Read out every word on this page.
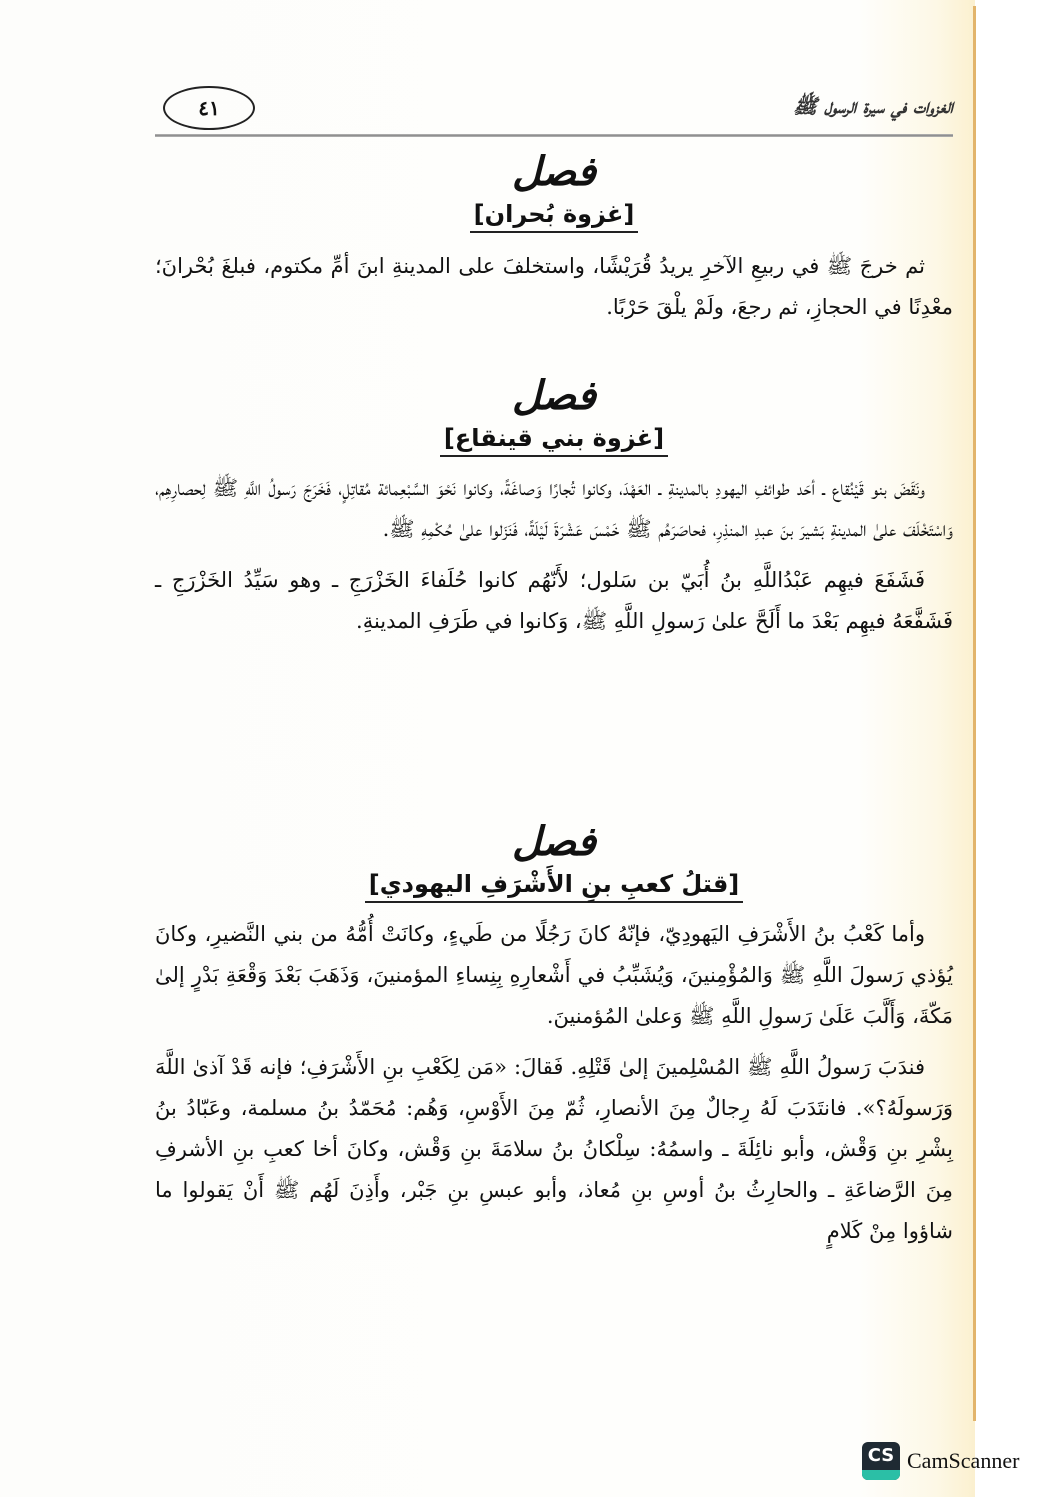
٤١	الغزوات في سيرة الرسول ﷺ
فصل
[غزوة بُحران]
ثم خرجَ ﷺ في ربيعِ الآخرِ يريدُ قُرَيْشًا، واستخلفَ على المدينةِ ابنَ أمِّ مكتوم، فبلغَ بُحْرانَ؛ معْدِنًا في الحجازِ، ثم رجعَ، ولَمْ يلْقَ حَرْبًا.
فصل
[غزوة بني قينقاع]
ونَقَضَ بنو قَيْنُقاع ـ أحَد طوائفِ اليهودِ بالمدينةِ ـ العَهْدَ، وكانوا تُجارًا وَصاغَةً، وكانوا نَحْوَ السَّبْعِمائة مُقاتِلٍ، فَخَرَجَ رَسولُ اللَّهِ ﷺ لِحصارِهِم، وَاسْتَخْلَفَ علىٰ المدينةِ بَشيرَ بنَ عبدِ المنذِرِ، فحاصَرَهُم ﷺ خَمْسَ عَشْرَةَ لَيْلَةً، فَنَزَلوا علىٰ حُكْمِهِ ﷺ.
فَشَفَعَ فيهِم عَبْدُاللَّهِ بنُ أُبَيّ بن سَلول؛ لأَنّهُم كانوا حُلَفاءَ الخَزْرَجِ ـ وهو سَيِّدُ الخَزْرَجِ ـ فَشَفَّعَهُ فيهِم بَعْدَ ما أَلَحَّ علىٰ رَسولِ اللَّهِ ﷺ، وَكانوا في طَرَفِ المدينةِ.
فصل
[قتلُ كعبِ بنِ الأَشْرَفِ اليهودي]
وأما كَعْبُ بنُ الأَشْرَفِ اليَهودِيّ، فإنّهُ كانَ رَجُلًا من طَيءٍ، وكانَتْ أُمُّهُ من بني النَّضيرِ، وكانَ يُؤذي رَسولَ اللَّهِ ﷺ وَالمُؤْمِنينَ، وَيُشَبِّبُ في أَشْعارِهِ بِنِساءِ المؤمنينَ، وَذَهَبَ بَعْدَ وَقْعَةِ بَدْرٍ إلىٰ مَكّةَ، وَأَلَّبَ عَلَىٰ رَسولِ اللَّهِ ﷺ وَعلىٰ المُؤمنينَ.
فندَبَ رَسولُ اللَّهِ ﷺ المُسْلِمينَ إلىٰ قَتْلِهِ. فَقالَ: «مَن لِكَعْبِ بنِ الأَشْرَفِ؛ فإنه قَدْ آذىٰ اللَّهَ وَرَسولَهُ؟». فانتَدَبَ لَهُ رِجالٌ مِنَ الأنصارِ، ثُمّ مِنَ الأَوْسِ، وَهُم: مُحَمّدُ بنُ مسلمة، وعَبّادُ بنُ بِشْرِ بنِ وَقْش، وأبو نائِلَةَ ـ واسمُهُ: سِلْكانُ بنُ سلامَةَ بنِ وَقْش، وكانَ أخا كعبِ بنِ الأشرفِ مِنَ الرَّضاعَةِ ـ والحارِثُ بنُ أوسِ بنِ مُعاذ، وأبو عبسِ بنِ جَبْر، وأَذِنَ لَهُم ﷺ أَنْ يَقولوا ما شاؤوا مِنْ كَلامٍ
CS CamScanner
